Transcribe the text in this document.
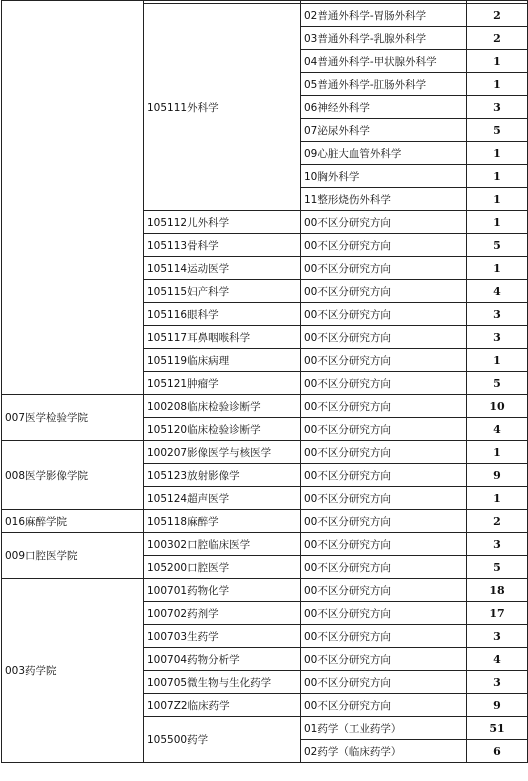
	105111外科学	02普通外科学-胃肠外科学	2
		03普通外科学-乳腺外科学	2
		04普通外科学-甲状腺外科学	1
		05普通外科学-肛肠外科学	1
		06神经外科学	3
		07泌尿外科学	5
		09心脏大血管外科学	1
		10胸外科学	1
		11整形烧伤外科学	1
	105112儿外科学	00不区分研究方向	1
	105113骨科学	00不区分研究方向	5
	105114运动医学	00不区分研究方向	1
	105115妇产科学	00不区分研究方向	4
	105116眼科学	00不区分研究方向	3
	105117耳鼻咽喉科学	00不区分研究方向	3
	105119临床病理	00不区分研究方向	1
	105121肿瘤学	00不区分研究方向	5
007医学检验学院	100208临床检验诊断学	00不区分研究方向	10
	105120临床检验诊断学	00不区分研究方向	4
008医学影像学院	100207影像医学与核医学	00不区分研究方向	1
	105123放射影像学	00不区分研究方向	9
	105124超声医学	00不区分研究方向	1
016麻醉学院	105118麻醉学	00不区分研究方向	2
009口腔医学院	100302口腔临床医学	00不区分研究方向	3
	105200口腔医学	00不区分研究方向	5
003药学院	100701药物化学	00不区分研究方向	18
	100702药剂学	00不区分研究方向	17
	100703生药学	00不区分研究方向	3
	100704药物分析学	00不区分研究方向	4
	100705微生物与生化药学	00不区分研究方向	3
	1007Z2临床药学	00不区分研究方向	9
	105500药学	01药学（工业药学）	51
		02药学（临床药学）	6
